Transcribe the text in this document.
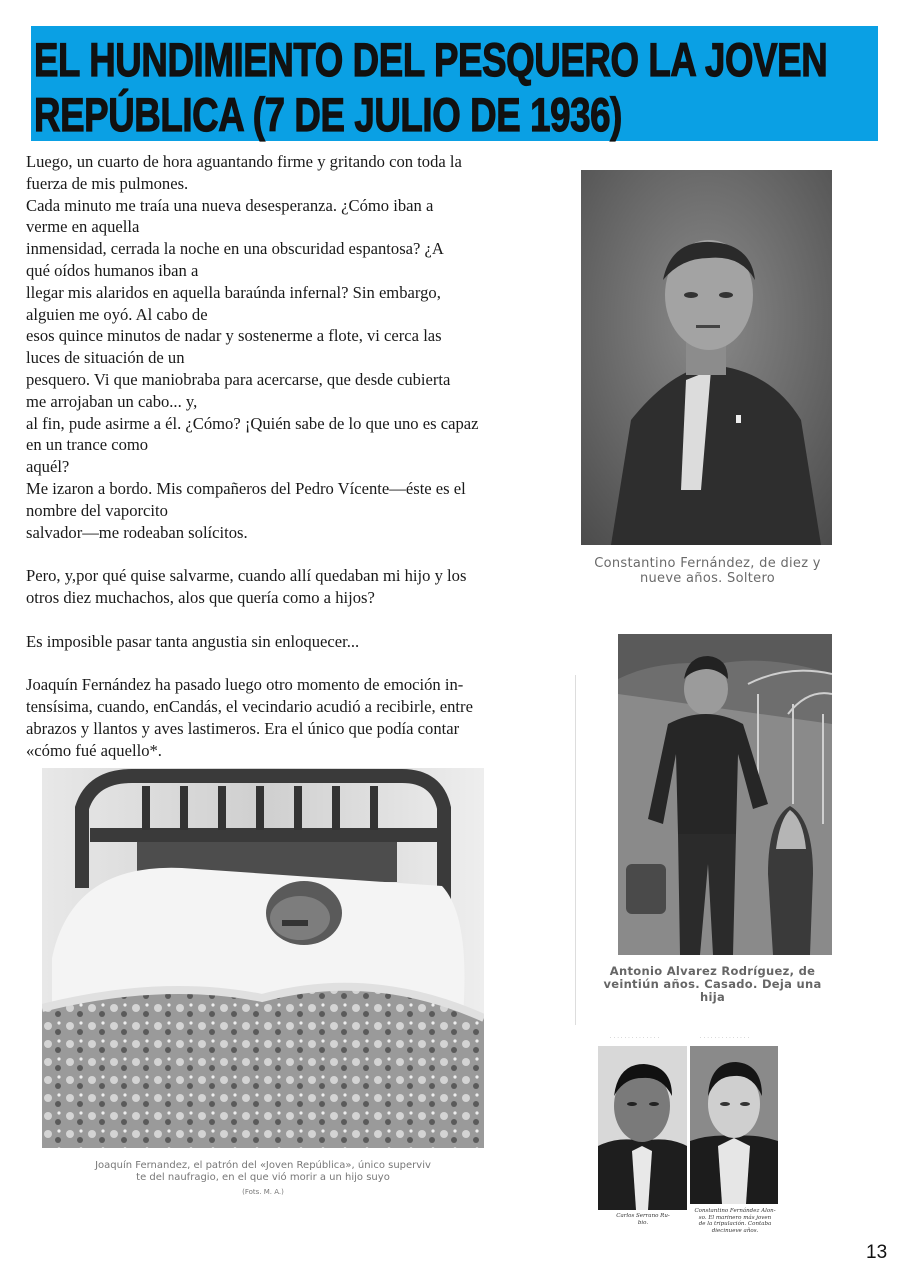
EL HUNDIMIENTO DEL PESQUERO LA JOVEN
REPÚBLICA (7 DE JULIO DE 1936)

Luego, un cuarto de hora aguantando firme y gritando con toda la

fuerza de mis pulmones.

Cada minuto me traía una nueva desesperanza. ¿Cómo iban a

verme en aquella

inmensidad, cerrada la noche en una obscuridad espantosa? ¿A

qué oídos humanos iban a

llegar mis alaridos en aquella baraúnda infernal? Sin embargo,

alguien me oyó. Al cabo de

esos quince minutos de nadar y sostenerme a flote, vi cerca las

luces de situación de un

pesquero. Vi que maniobraba para acercarse, que desde cubierta

me arrojaban un cabo... y,

al fin, pude asirme a él. ¿Cómo? ¡Quién sabe de lo que uno es capaz

en un trance como

aquél?

Me izaron a bordo. Mis compañeros del Pedro Vícente—éste es el

nombre del vaporcito

salvador—me rodeaban solícitos.

Pero, y,por qué quise salvarme, cuando allí quedaban mi hijo y los

otros diez muchachos, alos que quería como a hijos?

Es imposible pasar tanta angustia sin enloquecer...

Joaquín Fernández ha pasado luego otro momento de emoción in-

tensísima, cuando, enCandás, el vecindario acudió a recibirle, entre

abrazos y llantos y aves lastimeros. Era el único que podía contar

«cómo fué aquello*.

Joaquín Fernandez, el patrón del «Joven República», único superviv
te del naufragio, en el que vió morir a un hijo suyo
(Fots. M. A.)
Constantino Fernández, de diez y
nueve años. Soltero
Antonio Alvarez Rodríguez, de
veintiún años. Casado. Deja una
hija
· · · · · · · · · · · · · ·	· · · · · · · · · · · · · ·
Carlos Serrano Ru-
bio.
Constantino Fernández Alon-
so. El marinero más joven
de la tripulación. Contaba
diecinueve años.
13
